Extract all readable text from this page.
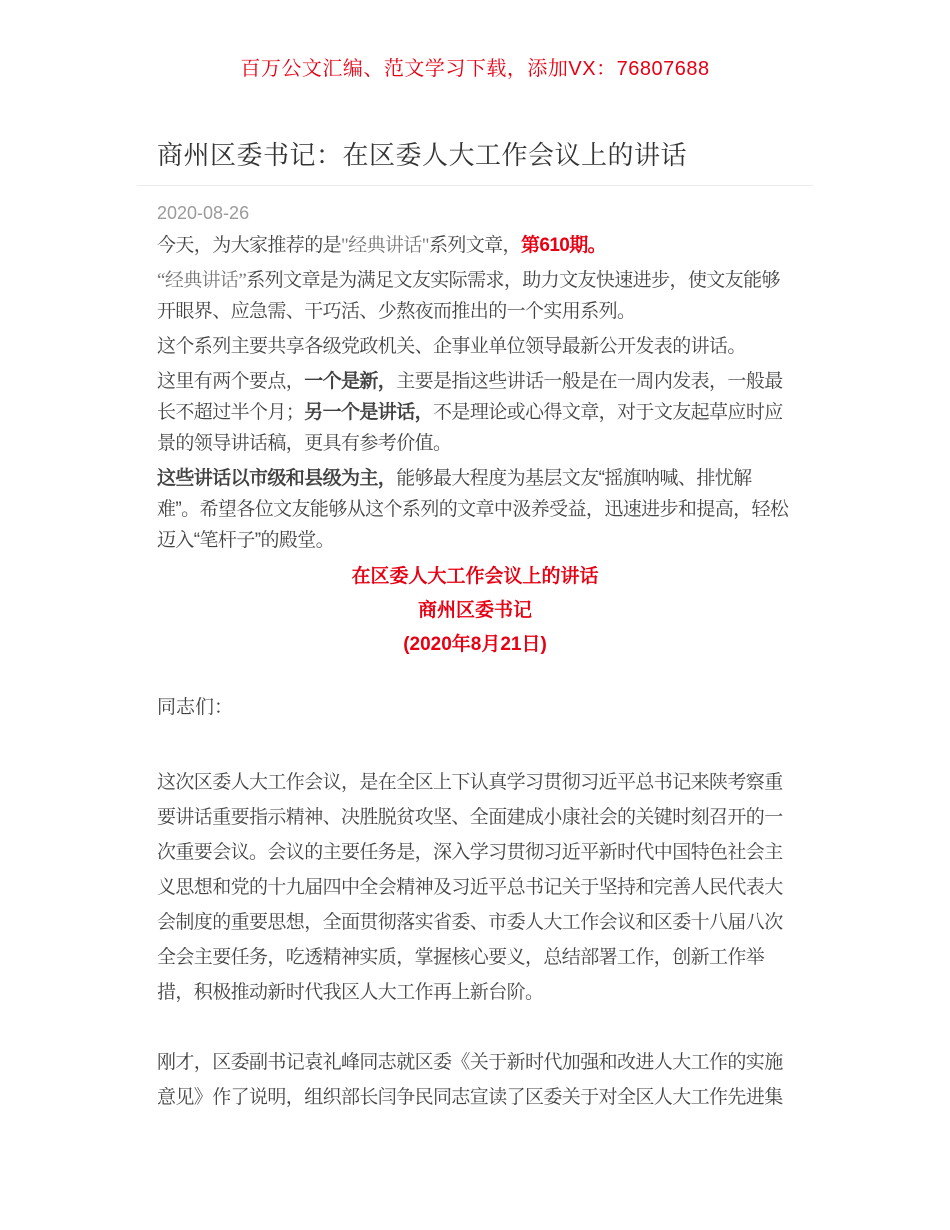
百万公文汇编、范文学习下载，添加VX：76807688
商州区委书记：在区委人大工作会议上的讲话
2020-08-26

今天，为大家推荐的是"经典讲话"系列文章，第610期。

“经典讲话”系列文章是为满足文友实际需求，助力文友快速进步，使文友能够开眼界、应急需、干巧活、少熬夜而推出的一个实用系列。

这个系列主要共享各级党政机关、企事业单位领导最新公开发表的讲话。

这里有两个要点，一个是新，主要是指这些讲话一般是在一周内发表，一般最长不超过半个月；另一个是讲话，不是理论或心得文章，对于文友起草应时应景的领导讲话稿，更具有参考价值。

这些讲话以市级和县级为主，能够最大程度为基层文友“摇旗呐喊、排忧解难”。希望各位文友能够从这个系列的文章中汲养受益，迅速进步和提高，轻松迈入“笔杆子”的殿堂。

在区委人大工作会议上的讲话

商州区委书记

(2020年8月21日)

同志们：

这次区委人大工作会议，是在全区上下认真学习贯彻习近平总书记来陕考察重要讲话重要指示精神、决胜脱贫攻坚、全面建成小康社会的关键时刻召开的一次重要会议。会议的主要任务是，深入学习贯彻习近平新时代中国特色社会主义思想和党的十九届四中全会精神及习近平总书记关于坚持和完善人民代表大会制度的重要思想，全面贯彻落实省委、市委人大工作会议和区委十八届八次全会主要任务，吃透精神实质，掌握核心要义，总结部署工作，创新工作举措，积极推动新时代我区人大工作再上新台阶。

刚才，区委副书记袁礼峰同志就区委《关于新时代加强和改进人大工作的实施意见》作了说明，组织部长闫争民同志宣读了区委关于对全区人大工作先进集
